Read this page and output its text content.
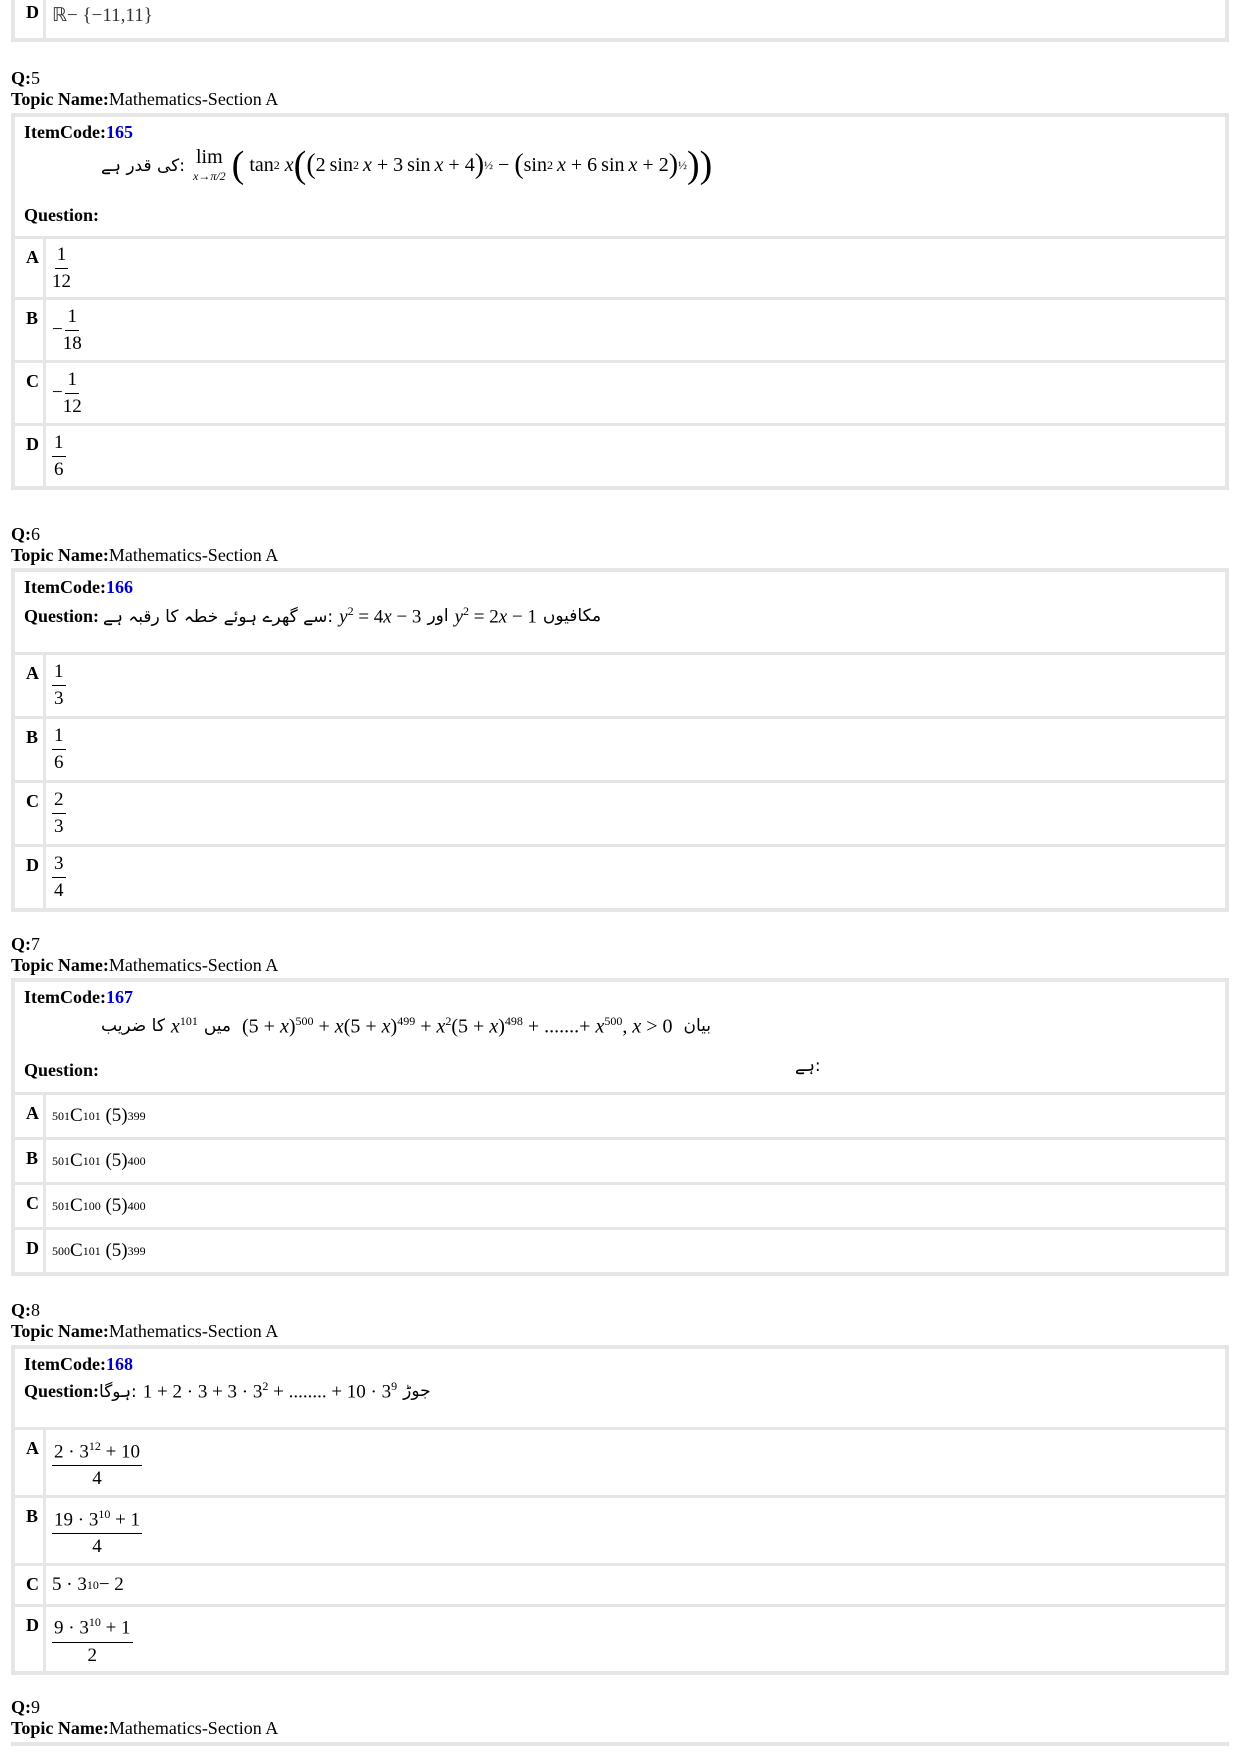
D ℝ− {−11,11}
Q:5
Topic Name:Mathematics-Section A
ItemCode:165
کی قدر ہے: lim
x→π/2 ( tan 2
x ( ( 2 sin 2
  x + 3 sin  x + 4 ) ½ − ( sin 2
  x + 6 sin  x + 2 ) ½ ))
Question:
A $\frac{1}{12}$
B
− $\frac{1}{18}$
C
− $\frac{1}{12}$
D $\frac{1}{6}$
Q:6
Topic Name:Mathematics-Section A
ItemCode:166
Question: سے گھرے ہوئے خطہ کا رقبہ ہے: $y^2 = 4x - 3$ اور $y^2 = 2x - 1$ مکافیوں
A $\frac{1}{3}$
B $\frac{1}{6}$
C $\frac{2}{3}$
D $\frac{3}{4}$
Q:7
Topic Name:Mathematics-Section A
ItemCode:167
کا ضریب $x^{101}$ میں $(5 + x)^{500} + x(5 + x)^{499} + x^2(5 + x)^{498}$ + .......+ $x^{500}$, x > 0 بیان
ہے:
Question:
A	501 C 101 (5) 399
B	501 C 101 (5) 400
C	501 C 100 (5) 400
D	500 C 101 (5) 399
Q:8
Topic Name:Mathematics-Section A
ItemCode:168
Question: ہوگا: $1 + 2 \cdot 3 + 3 \cdot 3^2$ + ........ + $10 \cdot 3^9$ جوڑ
A $\frac{2 \cdot 3^{12} + 10}{4}$
B $\frac{19 \cdot 3^{10} + 1}{4}$
C 5 · 3 10 − 2
D $\frac{9 \cdot 3^{10} + 1}{2}$
Q:9
Topic Name:Mathematics-Section A
